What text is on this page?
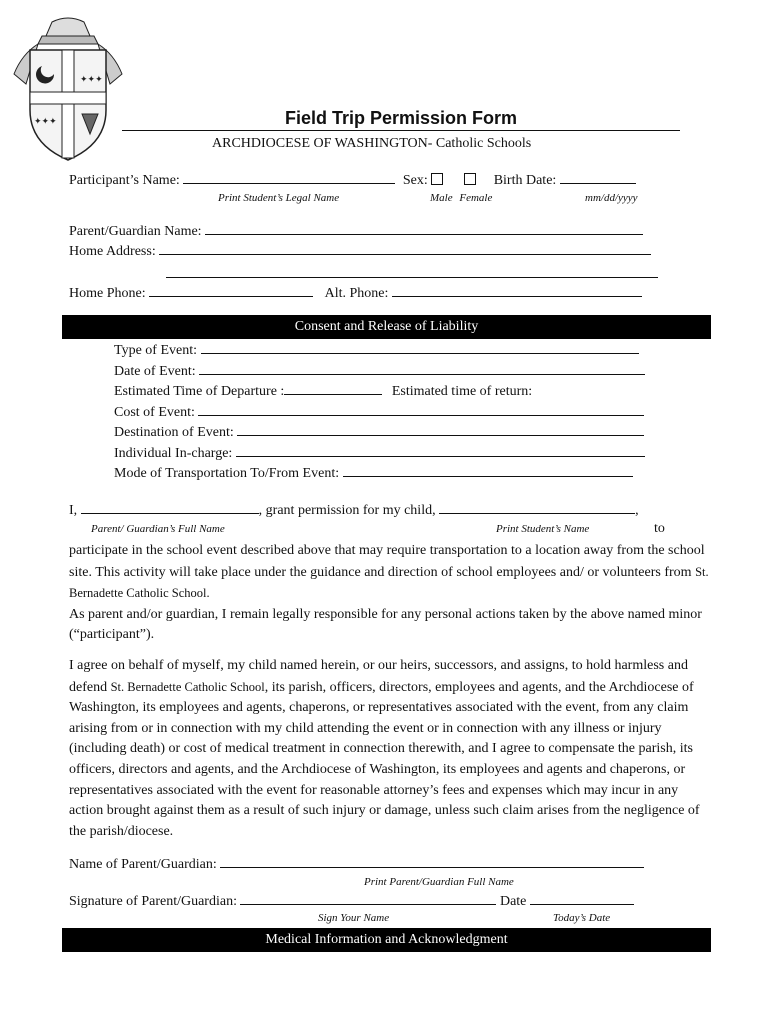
✦✦✦
✦✦✦	Field Trip Permission Form
ARCHDIOCESE OF WASHINGTON- Catholic Schools
Participant’s Name:	Sex:	Birth Date:
Print Student’s Legal Name	Male Female	mm/dd/yyyy
Parent/Guardian Name:
Home Address:
Home Phone:	Alt. Phone:
Consent and Release of Liability
Type of Event:
Date of Event:
Estimated Time of Departure :	Estimated time of return:
Cost of Event:
Destination of Event:
Individual In-charge:
Mode of Transportation To/From Event:
I,	, grant permission for my child,	,
Parent/ Guardian’s Full Name	Print Student’s Name	to
participate in the school event described above that may require transportation to a location away from the school site. This activity will take place under the guidance and direction of school employees and/ or volunteers from St. Bernadette Catholic School.
As parent and/or guardian, I remain legally responsible for any personal actions taken by the above named minor (“participant”).
I agree on behalf of myself, my child named herein, or our heirs, successors, and assigns, to hold harmless and defend St. Bernadette Catholic School, its parish, officers, directors, employees and agents, and the Archdiocese of Washington, its employees and agents, chaperons, or representatives associated with the event, from any claim arising from or in connection with my child attending the event or in connection with any illness or injury (including death) or cost of medical treatment in connection therewith, and I agree to compensate the parish, its officers, directors and agents, and the Archdiocese of Washington, its employees and agents and chaperons, or representatives associated with the event for reasonable attorney’s fees and expenses which may incur in any action brought against them as a result of such injury or damage, unless such claim arises from the negligence of the parish/diocese.
Name of Parent/Guardian:
Print Parent/Guardian Full Name
Signature of Parent/Guardian:	Date
Sign Your Name	Today’s Date
Medical Information and Acknowledgment
